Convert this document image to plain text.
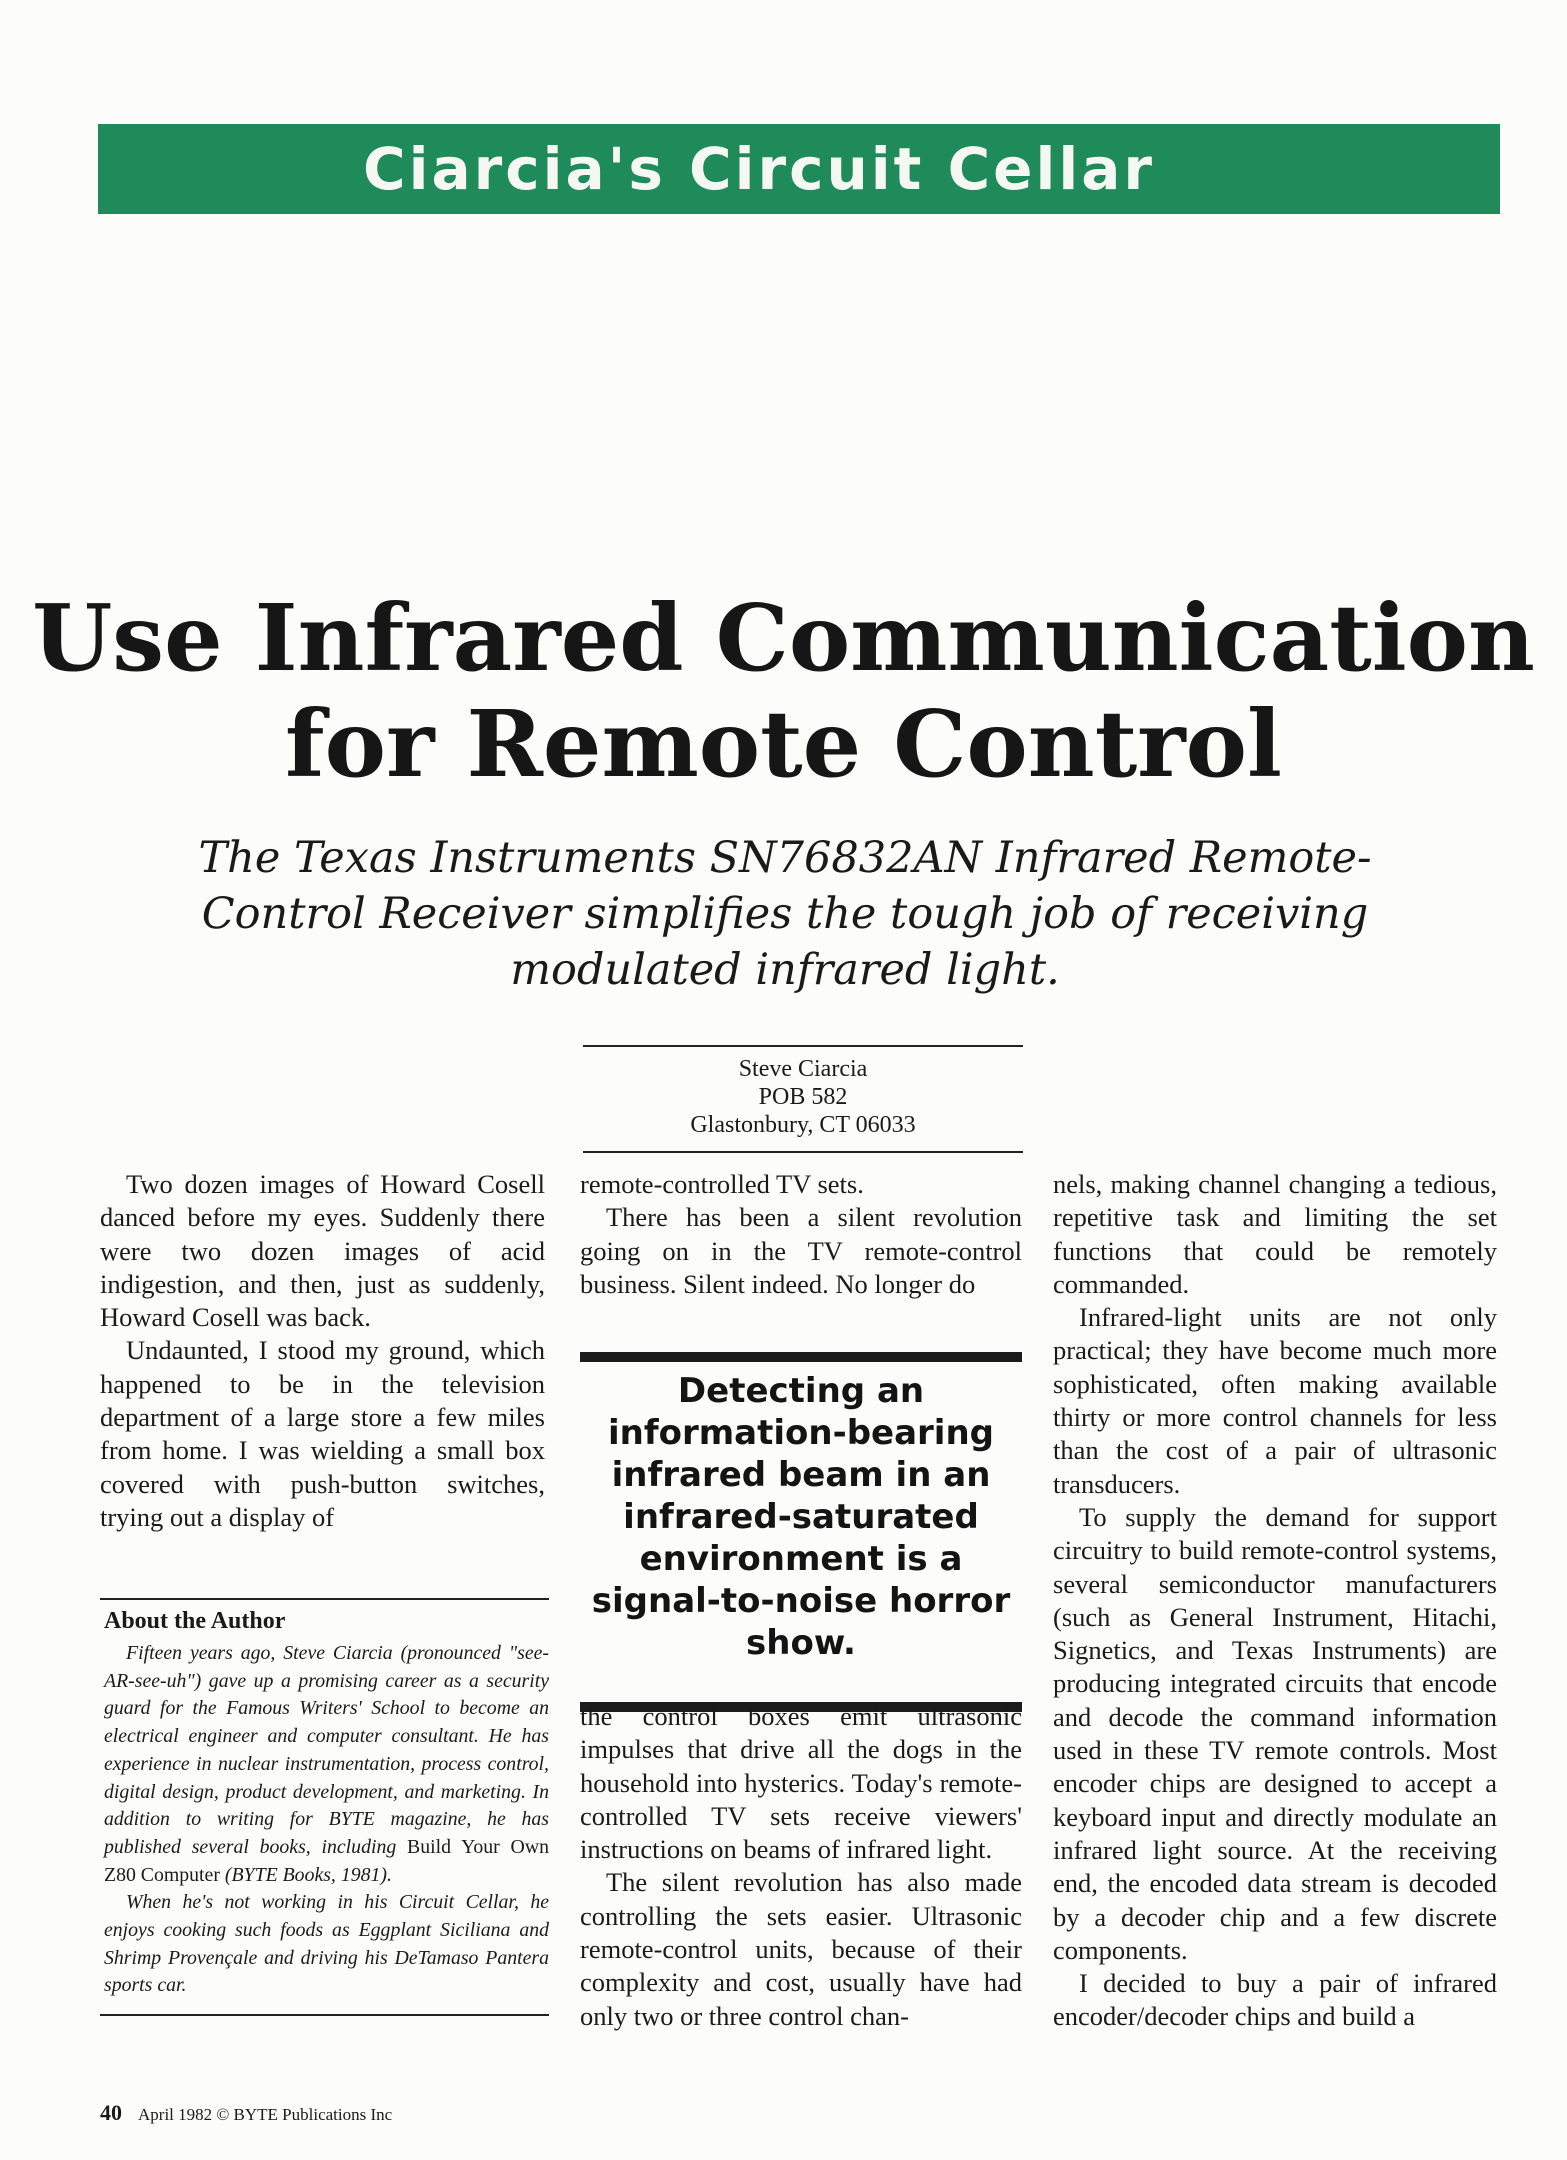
Ciarcia's Circuit Cellar
Use Infrared Communication
for Remote Control
The Texas Instruments SN76832AN Infrared Remote-Control Receiver simplifies the tough job of receiving modulated infrared light.
Steve Ciarcia
POB 582
Glastonbury, CT 06033

Two dozen images of Howard Cosell danced before my eyes. Suddenly there were two dozen images of acid indigestion, and then, just as suddenly, Howard Cosell was back.

Undaunted, I stood my ground, which happened to be in the television department of a large store a few miles from home. I was wielding a small box covered with push-button switches, trying out a display of

remote-controlled TV sets.

There has been a silent revolution going on in the TV remote-control business. Silent indeed. No longer do

Detecting an information-bearing infrared beam in an infrared-saturated environment is a signal-to-noise horror show.

the control boxes emit ultrasonic impulses that drive all the dogs in the household into hysterics. Today's remote-controlled TV sets receive viewers' instructions on beams of infrared light.

The silent revolution has also made controlling the sets easier. Ultrasonic remote-control units, because of their complexity and cost, usually have had only two or three control chan-

nels, making channel changing a tedious, repetitive task and limiting the set functions that could be remotely commanded.

Infrared-light units are not only practical; they have become much more sophisticated, often making available thirty or more control channels for less than the cost of a pair of ultrasonic transducers.

To supply the demand for support circuitry to build remote-control systems, several semiconductor manufacturers (such as General Instrument, Hitachi, Signetics, and Texas Instruments) are producing integrated circuits that encode and decode the command information used in these TV remote controls. Most encoder chips are designed to accept a keyboard input and directly modulate an infrared light source. At the receiving end, the encoded data stream is decoded by a decoder chip and a few discrete components.

I decided to buy a pair of infrared encoder/decoder chips and build a

About the Author

Fifteen years ago, Steve Ciarcia (pronounced "see-AR-see-uh") gave up a promising career as a security guard for the Famous Writers' School to become an electrical engineer and computer consultant. He has experience in nuclear instrumentation, process control, digital design, product development, and marketing. In addition to writing for BYTE magazine, he has published several books, including Build Your Own Z80 Computer (BYTE Books, 1981).

When he's not working in his Circuit Cellar, he enjoys cooking such foods as Eggplant Siciliana and Shrimp Provençale and driving his DeTamaso Pantera sports car.

40 April 1982 © BYTE Publications Inc
